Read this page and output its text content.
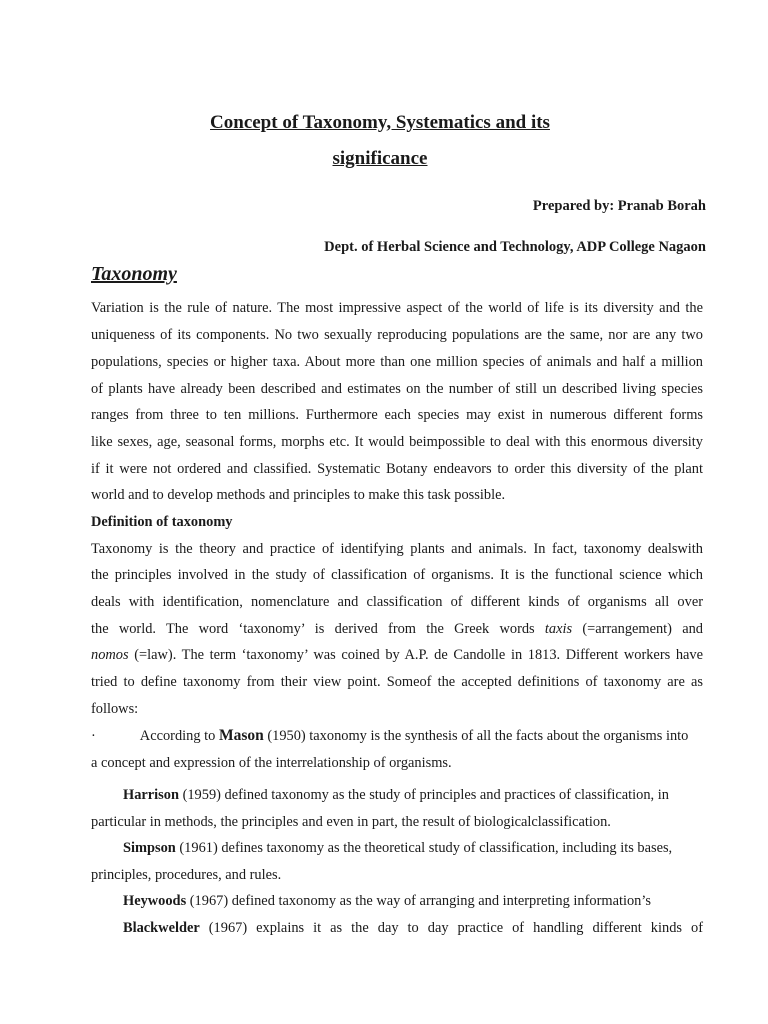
Concept of Taxonomy, Systematics and its

significance

Prepared by: Pranab Borah

Dept. of Herbal Science and Technology, ADP College Nagaon

Taxonomy

Variation is the rule of nature. The most impressive aspect of the world of life is its diversity and the

uniqueness of its components. No two sexually reproducing populations are the same, nor are any two

populations, species or higher taxa. About more than one million species of animals and half a million

of plants have already been described and estimates on the number of still un described living species

ranges from three to ten millions. Furthermore each species may exist in numerous different forms

like sexes, age, seasonal forms, morphs etc. It would beimpossible to deal with this enormous diversity

if it were not ordered and classified. Systematic Botany endeavors to order this diversity of the plant

world and to develop methods and principles to make this task possible.

Definition of taxonomy

Taxonomy is the theory and practice of identifying plants and animals. In fact, taxonomy dealswith

the principles involved in the study of classification of organisms. It is the functional science which

deals with identification, nomenclature and classification of different kinds of organisms all over

the world. The word ‘taxonomy’ is derived from the Greek words taxis (=arrangement) and

nomos (=law). The term ‘taxonomy’ was coined by A.P. de Candolle in 1813. Different workers have

tried to define taxonomy from their view point. Someof the accepted definitions of taxonomy are as

follows:

·	According to Mason (1950) taxonomy is the synthesis of all the facts about the organisms into

a concept and expression of the interrelationship of organisms.

Harrison (1959) defined taxonomy as the study of principles and practices of classification, in

particular in methods, the principles and even in part, the result of biologicalclassification.

Simpson (1961) defines taxonomy as the theoretical study of classification, including its bases,

principles, procedures, and rules.

Heywoods (1967) defined taxonomy as the way of arranging and interpreting information’s

Blackwelder (1967) explains it as the day to day practice of handling different kinds of
